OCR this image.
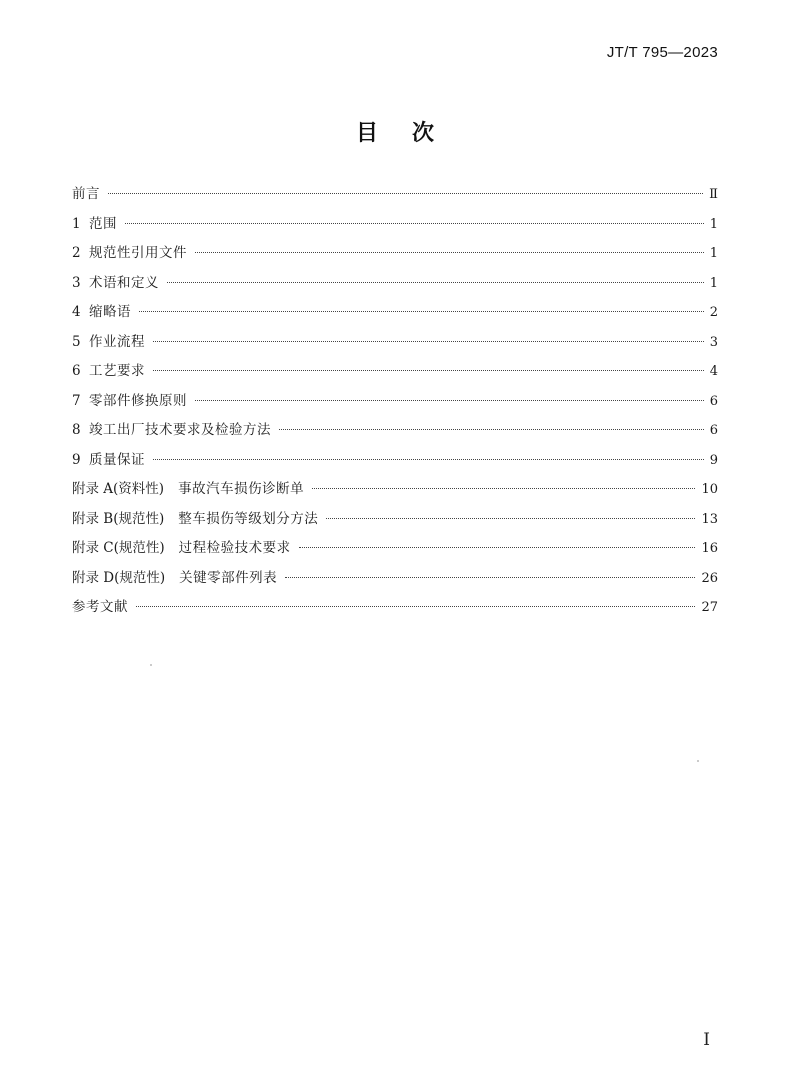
JT/T 795—2023
目次
前言	Ⅱ
1 范围	1
2 规范性引用文件	1
3 术语和定义	1
4 缩略语	2
5 作业流程	3
6 工艺要求	4
7 零部件修换原则	6
8 竣工出厂技术要求及检验方法	6
9 质量保证	9
附录 A(资料性) 事故汽车损伤诊断单	10
附录 B(规范性) 整车损伤等级划分方法	13
附录 C(规范性) 过程检验技术要求	16
附录 D(规范性) 关键零部件列表	26
参考文献	27
I
